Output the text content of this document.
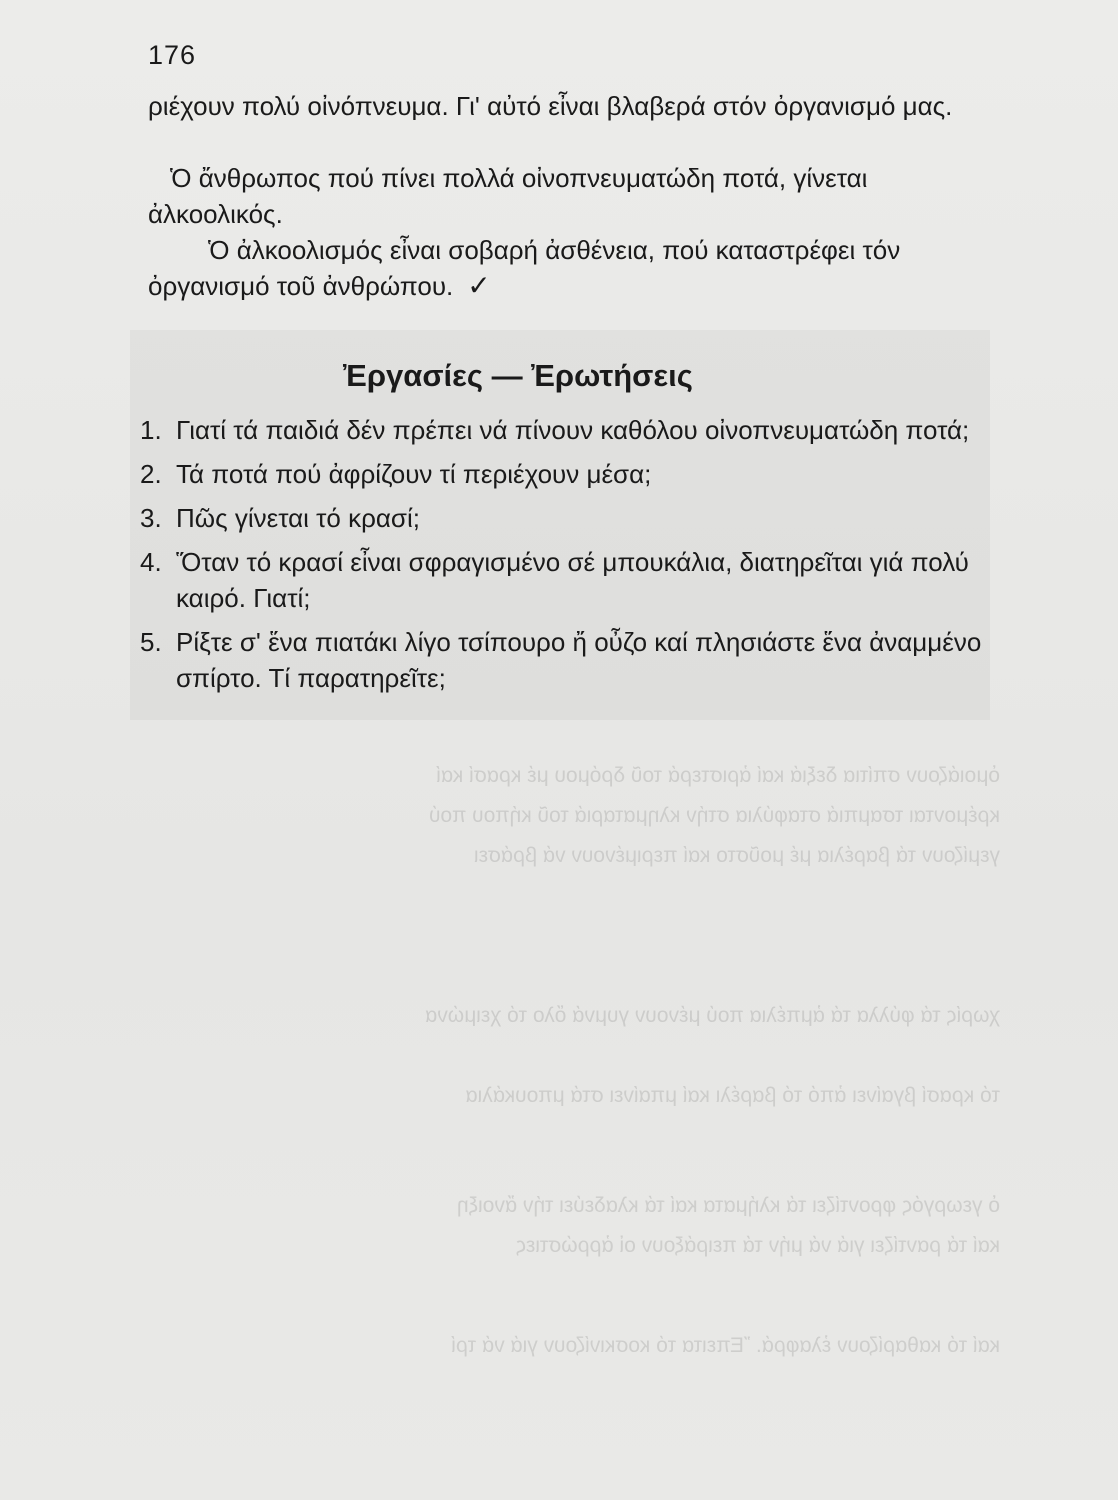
ὁμοιάζουν σπίτια δεξιά καί ἀριστερά τοῦ δρόμου μέ κρασί καί
κρέμονται τσαμπιά σταφύλια στήν κληματαριά τοῦ κήπου πού
γεμίζουν τά βαρέλια μέ μοῦστο καί περιμένουν νά βράσει
χωρίς τά φύλλα τά ἀμπέλια πού μένουν γυμνά ὅλο τό χειμώνα
τό κρασί βγαίνει ἀπό τό βαρέλι καί μπαίνει στά μπουκάλια
ὁ γεωργός φροντίζει τά κλήματα καί τά κλαδεύει τήν ἄνοιξη
καί τά ραντίζει γιά νά μήν τά πειράξουν οἱ ἀρρώστιες
καί τό καθαρίζουν ἐλαφρά. Ἔπειτα τό κοσκινίζουν γιά νά τρί
176

ριέχουν πολύ οἰνόπνευμα. Γι' αὐτό εἶναι βλαβερά στόν ὀργανισμό μας.

Ὁ ἄνθρωπος πού πίνει πολλά οἰνοπνευματώδη ποτά, γίνεται ἀλκοολικός.

Ὁ ἀλκοολισμός εἶναι σοβαρή ἀσθένεια, πού καταστρέφει τόν ὀργανισμό τοῦ ἀνθρώπου. ✓

Ἐργασίες — Ἐρωτήσεις
1. Γιατί τά παιδιά δέν πρέπει νά πίνουν καθόλου οἰνοπνευματώδη ποτά;
2. Τά ποτά πού ἀφρίζουν τί περιέχουν μέσα;
3. Πῶς γίνεται τό κρασί;
4. Ὅταν τό κρασί εἶναι σφραγισμένο σέ μπουκάλια, διατηρεῖται γιά πολύ καιρό. Γιατί;
5. Ρίξτε σ' ἕνα πιατάκι λίγο τσίπουρο ἤ οὖζο καί πλησιάστε ἕνα ἀναμμένο σπίρτο. Τί παρατηρεῖτε;
